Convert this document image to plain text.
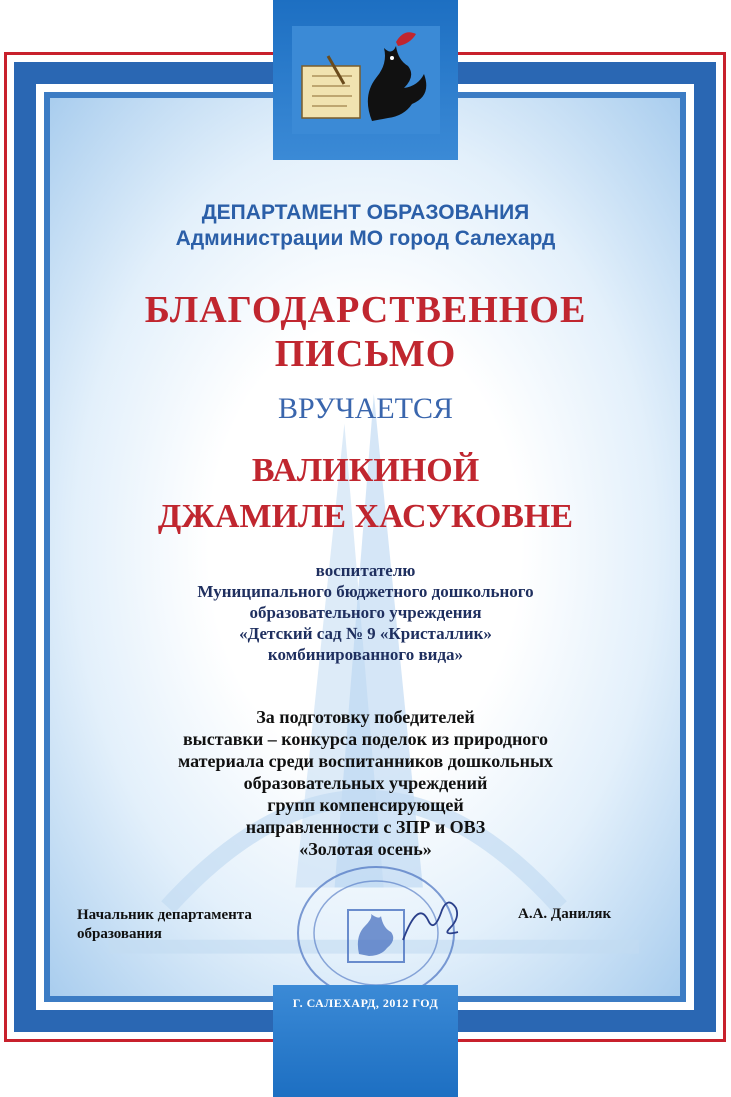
ДЕПАРТАМЕНТ ОБРАЗОВАНИЯ
Администрации МО город Салехард
БЛАГОДАРСТВЕННОЕ
ПИСЬМО
ВРУЧАЕТСЯ
ВАЛИКИНОЙ
ДЖАМИЛЕ ХАСУКОВНЕ
воспитателю
Муниципального бюджетного дошкольного
образовательного учреждения
«Детский сад № 9 «Кристаллик»
комбинированного вида»
За подготовку победителей
выставки – конкурса поделок из природного
материала среди воспитанников дошкольных
образовательных учреждений
групп компенсирующей
направленности с ЗПР и ОВЗ
«Золотая осень»
Начальник департамента
образования
А.А. Даниляк
Г. САЛЕХАРД, 2012 ГОД
